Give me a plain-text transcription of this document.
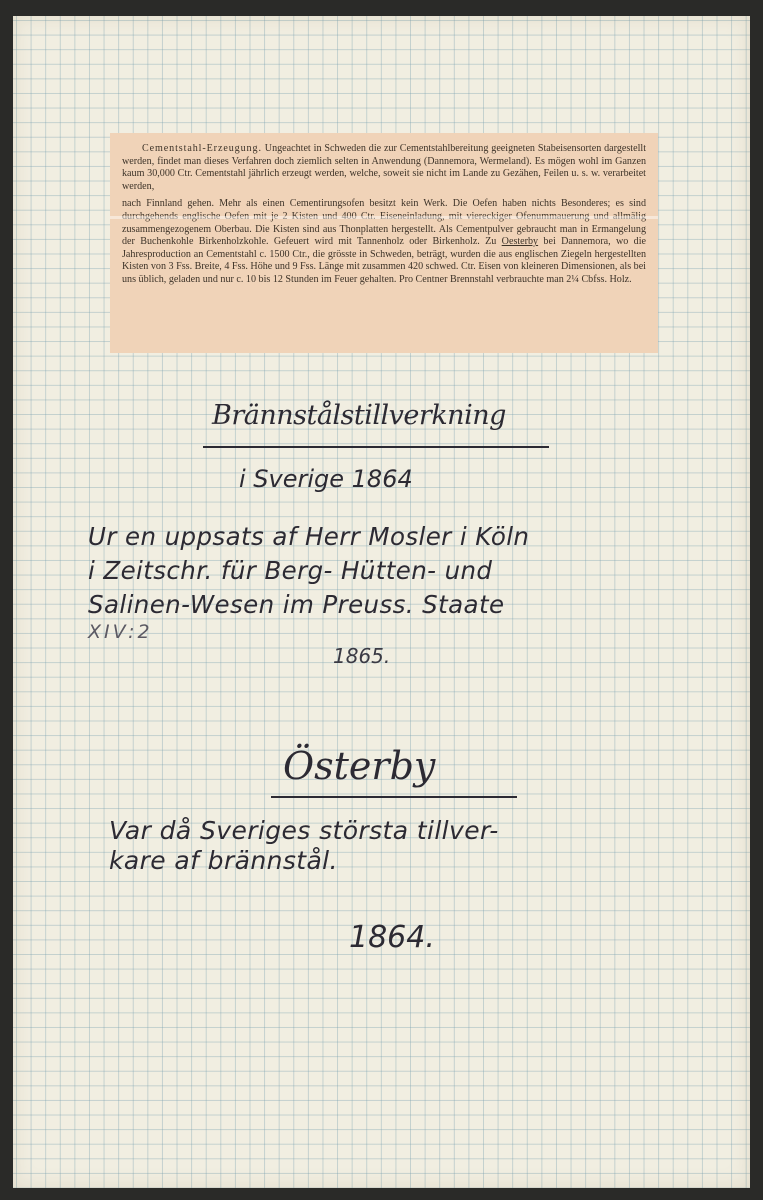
Cementstahl-Erzeugung. Ungeachtet in Schweden die zur Cementstahlbereitung geeigneten Stabeisensorten dargestellt werden, findet man dieses Verfahren doch ziemlich selten in Anwendung (Dannemora, Wermeland). Es mögen wohl im Ganzen kaum 30,000 Ctr. Cementstahl jährlich erzeugt werden, welche, soweit sie nicht im Lande zu Gezähen, Feilen u. s. w. verarbeitet werden,

nach Finnland gehen. Mehr als einen Cementirungsofen besitzt kein Werk. Die Oefen haben nichts Besonderes; es sind durchgehends englische Oefen mit je 2 Kisten und 400 Ctr. Eiseneinladung, mit viereckiger Ofenummauerung und allmälig zusammengezogenem Oberbau. Die Kisten sind aus Thonplatten hergestellt. Als Cementpulver gebraucht man in Ermangelung der Buchenkohle Birkenholzkohle. Gefeuert wird mit Tannenholz oder Birkenholz. Zu Oesterby bei Dannemora, wo die Jahresproduction an Cementstahl c. 1500 Ctr., die grösste in Schweden, beträgt, wurden die aus englischen Ziegeln hergestellten Kisten von 3 Fss. Breite, 4 Fss. Höhe und 9 Fss. Länge mit zusammen 420 schwed. Ctr. Eisen von kleineren Dimensionen, als bei uns üblich, geladen und nur c. 10 bis 12 Stunden im Feuer gehalten. Pro Centner Brennstahl verbrauchte man 2¼ Cbfss. Holz.

Brännstålstillverkning
i Sverige 1864
Ur en uppsats af Herr Mosler i Köln
i Zeitschr. für Berg- Hütten- und
Salinen-Wesen im Preuss. Staate
XIV:2
1865.
Österby
Var då Sveriges största tillver-
kare af brännstål.
1864.
